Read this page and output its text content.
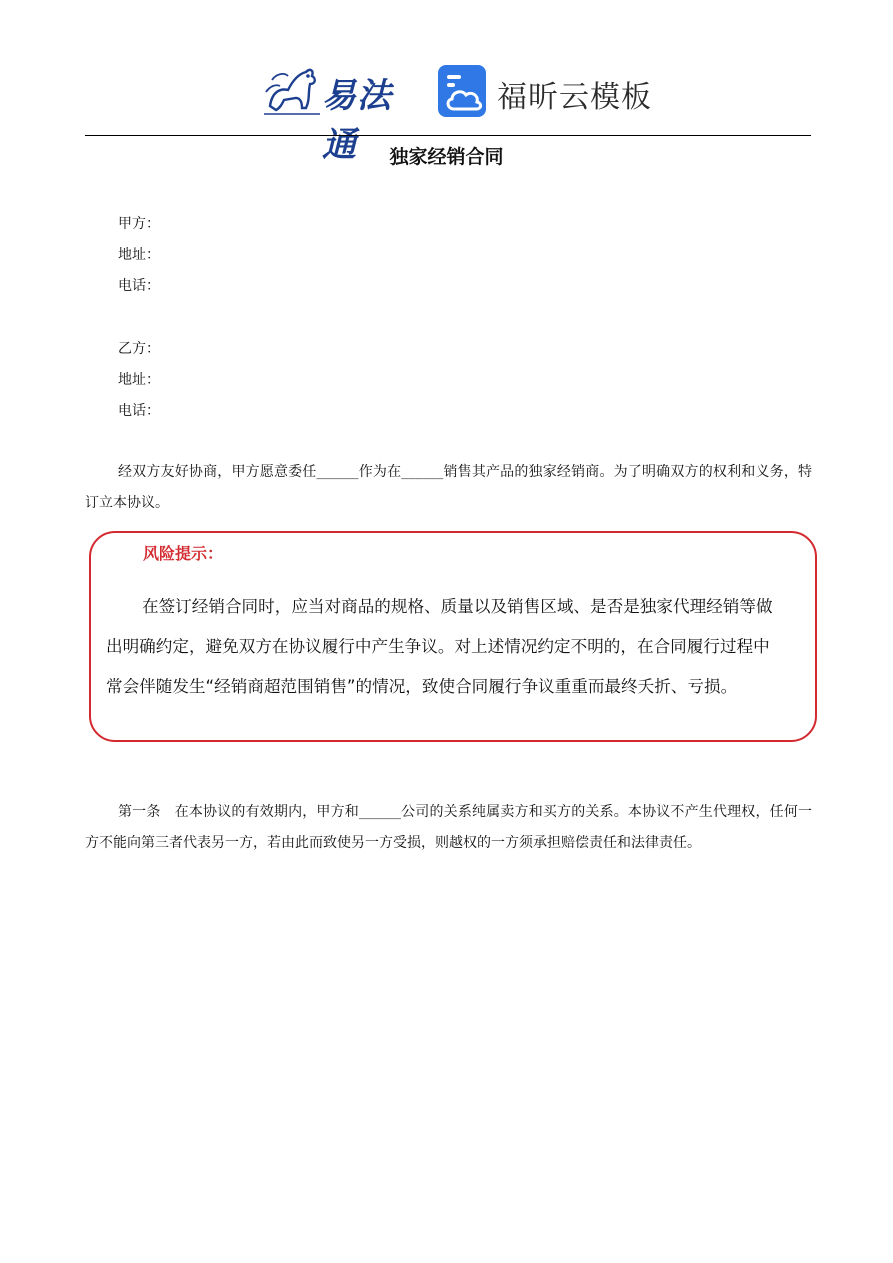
易法通
福昕云模板
独家经销合同
甲方：
地址：
电话：
乙方：
地址：
电话：
经双方友好协商，甲方愿意委任______作为在______销售其产品的独家经销商。为了明确双方的权利和义务，特订立本协议。
风险提示：
在签订经销合同时，应当对商品的规格、质量以及销售区域、是否是独家代理经销等做
出明确约定，避免双方在协议履行中产生争议。对上述情况约定不明的，在合同履行过程中
常会伴随发生“经销商超范围销售”的情况，致使合同履行争议重重而最终夭折、亏损。
第一条　在本协议的有效期内，甲方和______公司的关系纯属卖方和买方的关系。本协议不产生代理权，任何一方不能向第三者代表另一方，若由此而致使另一方受损，则越权的一方须承担赔偿责任和法律责任。
